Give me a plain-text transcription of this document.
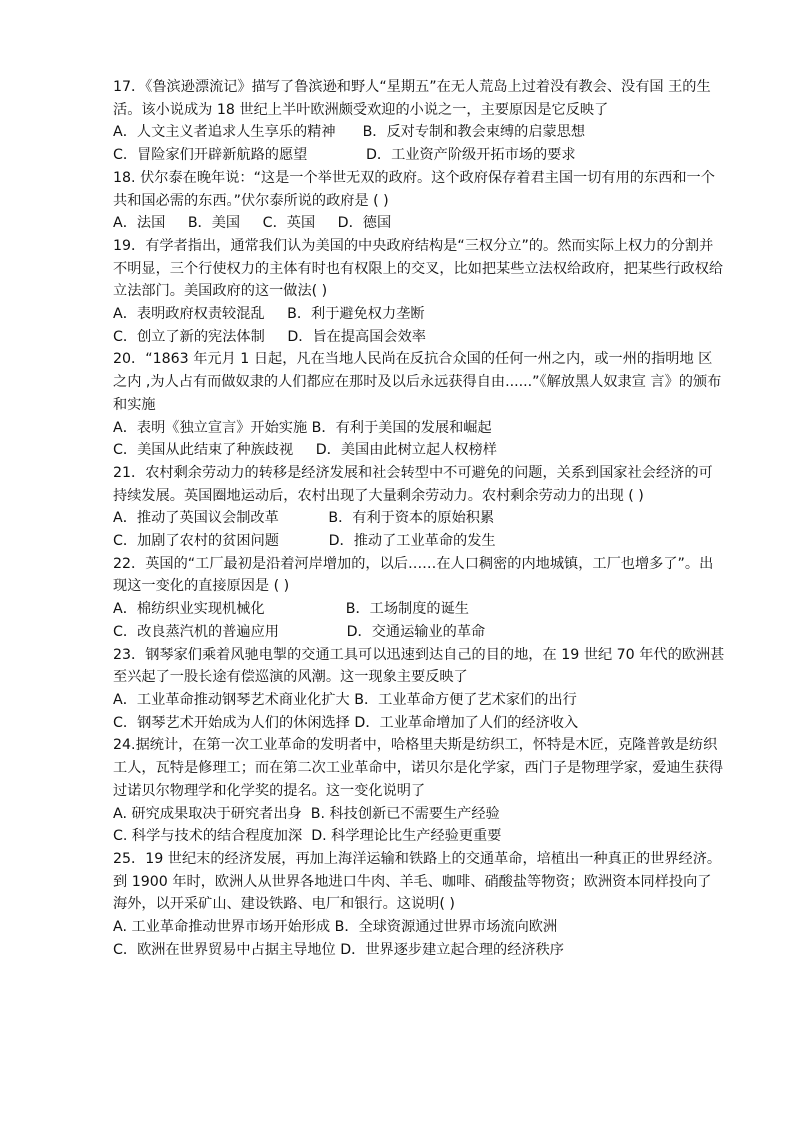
17．《鲁滨逊漂流记》描写了鲁滨逊和野人“星期五”在无人荒岛上过着没有教会、没有国 王的生活。该小说成为 18 世纪上半叶欧洲颇受欢迎的小说之一，主要原因是它反映了

A．人文主义者追求人生享乐的精神      B．反对专制和教会束缚的启蒙思想

C．冒险家们开辟新航路的愿望             D．工业资产阶级开拓市场的要求

18. 伏尔泰在晚年说：“这是一个举世无双的政府。这个政府保存着君主国一切有用的东西和一个共和国必需的东西。”伏尔泰所说的政府是 ( )

A．法国     B．美国     C．英国     D．德国

19．有学者指出，通常我们认为美国的中央政府结构是“三权分立”的。然而实际上权力的分割并不明显，三个行使权力的主体有时也有权限上的交叉，比如把某些立法权给政府，把某些行政权给立法部门。美国政府的这一做法( )

A．表明政府权责较混乱     B．利于避免权力垄断

C．创立了新的宪法体制     D．旨在提高国会效率

20．“1863 年元月 1 日起，凡在当地人民尚在反抗合众国的任何一州之内，或一州的指明地 区之内 ,为人占有而做奴隶的人们都应在那时及以后永远获得自由......”《解放黑人奴隶宣 言》的颁布和实施

A．表明《独立宣言》开始实施 B．有利于美国的发展和崛起

C．美国从此结束了种族歧视     D．美国由此树立起人权榜样

21．农村剩余劳动力的转移是经济发展和社会转型中不可避免的问题，关系到国家社会经济的可持续发展。英国圈地运动后，农村出现了大量剩余劳动力。农村剩余劳动力的出现 ( )

A．推动了英国议会制改革           B．有利于资本的原始积累

C．加剧了农村的贫困问题           D．推动了工业革命的发生

22．英国的“工厂最初是沿着河岸增加的，以后……在人口稠密的内地城镇，工厂也增多了”。出现这一变化的直接原因是 ( )

A．棉纺织业实现机械化                  B．工场制度的诞生

C．改良蒸汽机的普遍应用               D．交通运输业的革命

23．钢琴家们乘着风驰电掣的交通工具可以迅速到达自己的目的地，在 19 世纪 70 年代的欧洲甚至兴起了一股长途有偿巡演的风潮。这一现象主要反映了

A．工业革命推动钢琴艺术商业化扩大 B．工业革命方便了艺术家们的出行

C．钢琴艺术开始成为人们的休闲选择 D．工业革命增加了人们的经济收入

24.据统计，在第一次工业革命的发明者中，哈格里夫斯是纺织工，怀特是木匠，克隆普敦是纺织工人，瓦特是修理工；而在第二次工业革命中，诺贝尔是化学家，西门子是物理学家，爱迪生获得过诺贝尔物理学和化学奖的提名。这一变化说明了

A. 研究成果取决于研究者出身  B. 科技创新已不需要生产经验

C. 科学与技术的结合程度加深  D. 科学理论比生产经验更重要

25．19 世纪末的经济发展，再加上海洋运输和铁路上的交通革命，培植出一种真正的世界经济。到 1900 年时，欧洲人从世界各地进口牛肉、羊毛、咖啡、硝酸盐等物资；欧洲资本同样投向了海外，以开采矿山、建设铁路、电厂和银行。这说明( )

A. 工业革命推动世界市场开始形成 B．全球资源通过世界市场流向欧洲

C．欧洲在世界贸易中占据主导地位 D．世界逐步建立起合理的经济秩序
